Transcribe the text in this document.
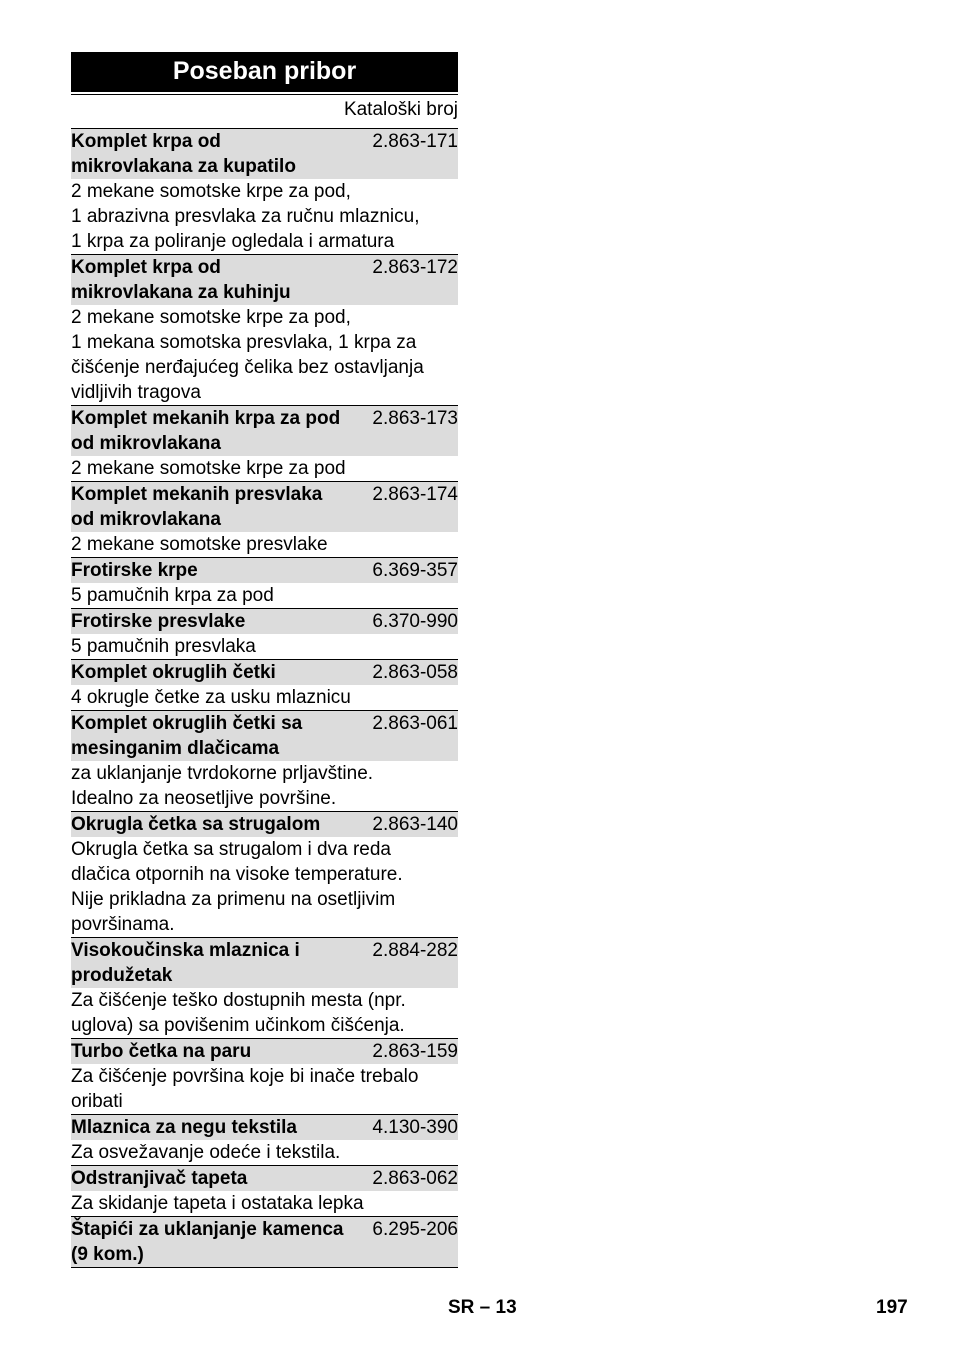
Poseban pribor
Kataloški broj
Komplet krpa od
mikrovlakana za kupatilo
2.863-171
2 mekane somotske krpe za pod,
1 abrazivna presvlaka za ručnu mlaznicu,
1 krpa za poliranje ogledala i armatura
Komplet krpa od
mikrovlakana za kuhinju
2.863-172
2 mekane somotske krpe za pod,
1 mekana somotska presvlaka, 1 krpa za
čišćenje nerđajućeg čelika bez ostavljanja
vidljivih tragova
Komplet mekanih krpa za pod
od mikrovlakana
2.863-173
2 mekane somotske krpe za pod
Komplet mekanih presvlaka
od mikrovlakana
2.863-174
2 mekane somotske presvlake
Frotirske krpe	6.369-357
5 pamučnih krpa za pod
Frotirske presvlake	6.370-990
5 pamučnih presvlaka
Komplet okruglih četki	2.863-058
4 okrugle četke za usku mlaznicu
Komplet okruglih četki sa
mesinganim dlačicama
2.863-061
za uklanjanje tvrdokorne prljavštine.
Idealno za neosetljive površine.
Okrugla četka sa strugalom	2.863-140
Okrugla četka sa strugalom i dva reda
dlačica otpornih na visoke temperature.
Nije prikladna za primenu na osetljivim
površinama.
Visokoučinska mlaznica i
produžetak
2.884-282
Za čišćenje teško dostupnih mesta (npr.
uglova) sa povišenim učinkom čišćenja.
Turbo četka na paru	2.863-159
Za čišćenje površina koje bi inače trebalo
oribati
Mlaznica za negu tekstila	4.130-390
Za osvežavanje odeće i tekstila.
Odstranjivač tapeta	2.863-062
Za skidanje tapeta i ostataka lepka
Štapići za uklanjanje kamenca
(9 kom.)
6.295-206
SR – 13	197
